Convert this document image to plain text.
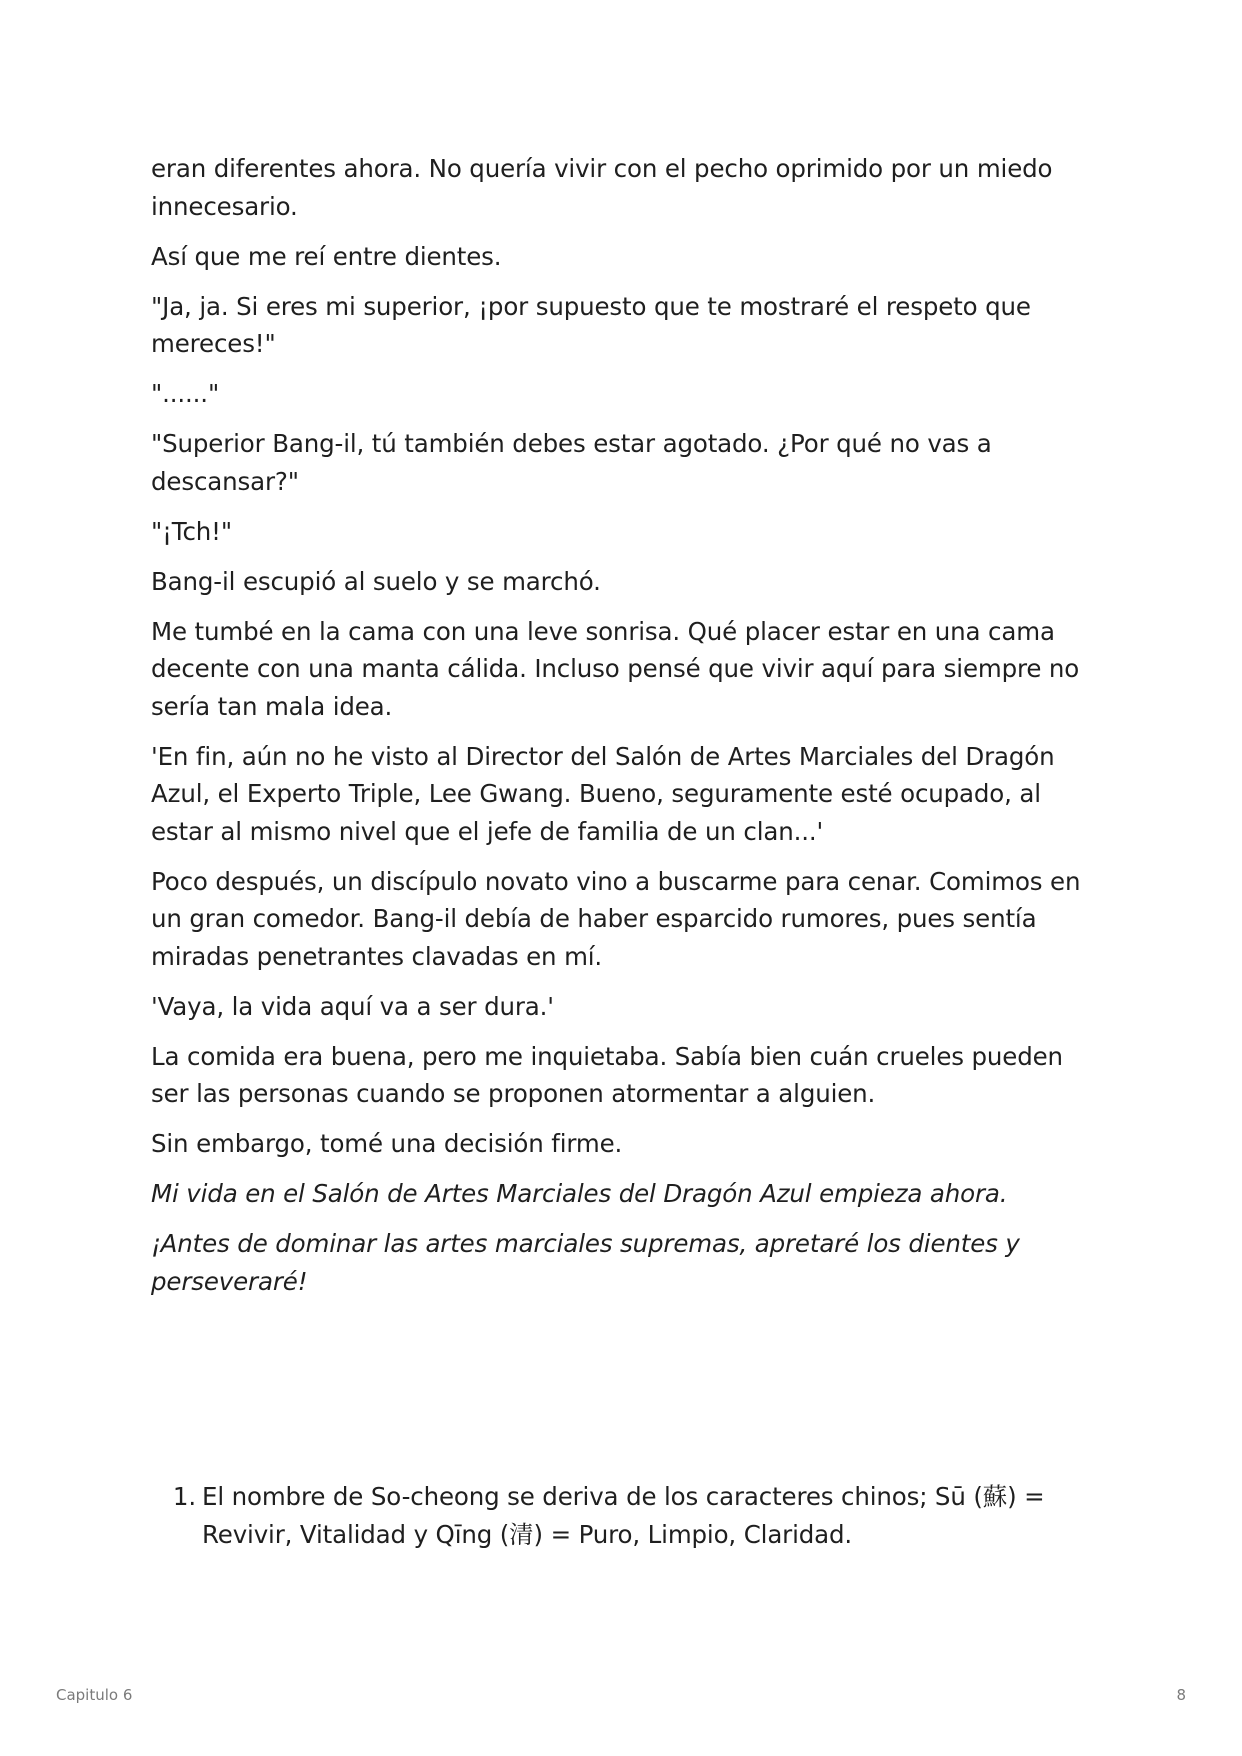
eran diferentes ahora. No quería vivir con el pecho oprimido por un miedo innecesario.

Así que me reí entre dientes.

"Ja, ja. Si eres mi superior, ¡por supuesto que te mostraré el respeto que mereces!"

"......"

"Superior Bang-il, tú también debes estar agotado. ¿Por qué no vas a descansar?"

"¡Tch!"

Bang-il escupió al suelo y se marchó.

Me tumbé en la cama con una leve sonrisa. Qué placer estar en una cama decente con una manta cálida. Incluso pensé que vivir aquí para siempre no sería tan mala idea.

'En fin, aún no he visto al Director del Salón de Artes Marciales del Dragón Azul, el Experto Triple, Lee Gwang. Bueno, seguramente esté ocupado, al estar al mismo nivel que el jefe de familia de un clan...'

Poco después, un discípulo novato vino a buscarme para cenar. Comimos en un gran comedor. Bang-il debía de haber esparcido rumores, pues sentía miradas penetrantes clavadas en mí.

'Vaya, la vida aquí va a ser dura.'

La comida era buena, pero me inquietaba. Sabía bien cuán crueles pueden ser las personas cuando se proponen atormentar a alguien.

Sin embargo, tomé una decisión firme.

Mi vida en el Salón de Artes Marciales del Dragón Azul empieza ahora.

¡Antes de dominar las artes marciales supremas, apretaré los dientes y perseveraré!

1. El nombre de So-cheong se deriva de los caracteres chinos; Sū (蘇) = Revivir, Vitalidad y Qīng (清) = Puro, Limpio, Claridad.
Capitulo 6	8
